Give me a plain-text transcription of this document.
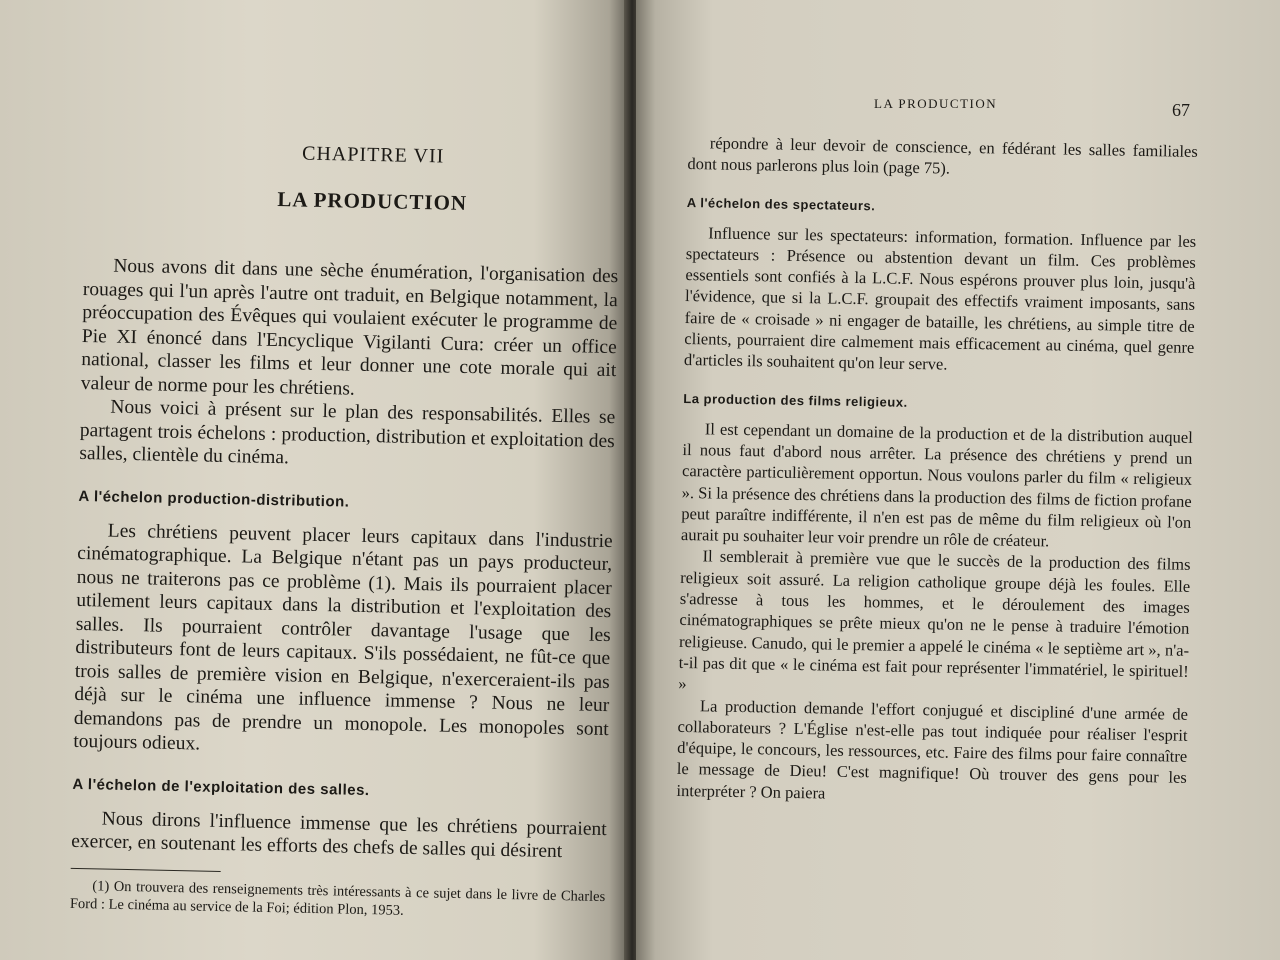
CHAPITRE VII
LA PRODUCTION

Nous avons dit dans une sèche énumération, l'organisation des rouages qui l'un après l'autre ont traduit, en Belgique notamment, la préoccupation des Évêques qui voulaient exécuter le programme de Pie XI énoncé dans l'Encyclique Vigilanti Cura: créer un office national, classer les films et leur donner une cote morale qui ait valeur de norme pour les chrétiens.

Nous voici à présent sur le plan des responsabilités. Elles se partagent trois échelons : production, distribution et exploitation des salles, clientèle du cinéma.

A l'échelon production-distribution.

Les chrétiens peuvent placer leurs capitaux dans l'industrie cinématographique. La Belgique n'étant pas un pays producteur, nous ne traiterons pas ce problème (1). Mais ils pourraient placer utilement leurs capitaux dans la distribution et l'exploitation des salles. Ils pourraient contrôler davantage l'usage que les distributeurs font de leurs capitaux. S'ils possédaient, ne fût-ce que trois salles de première vision en Belgique, n'exerceraient-ils pas déjà sur le cinéma une influence immense ? Nous ne leur demandons pas de prendre un monopole. Les monopoles sont toujours odieux.

A l'échelon de l'exploitation des salles.

Nous dirons l'influence immense que les chrétiens pourraient exercer, en soutenant les efforts des chefs de salles qui désirent

(1) On trouvera des renseignements très intéressants à ce sujet dans le livre de Charles Ford : Le cinéma au service de la Foi; édition Plon, 1953.

LA PRODUCTION	67

répondre à leur devoir de conscience, en fédérant les salles familiales dont nous parlerons plus loin (page 75).

A l'échelon des spectateurs.

Influence sur les spectateurs: information, formation. Influence par les spectateurs : Présence ou abstention devant un film. Ces problèmes essentiels sont confiés à la L.C.F. Nous espérons prouver plus loin, jusqu'à l'évidence, que si la L.C.F. groupait des effectifs vraiment imposants, sans faire de « croisade » ni engager de bataille, les chrétiens, au simple titre de clients, pourraient dire calmement mais efficacement au cinéma, quel genre d'articles ils souhaitent qu'on leur serve.

La production des films religieux.

Il est cependant un domaine de la production et de la distribution auquel il nous faut d'abord nous arrêter. La présence des chrétiens y prend un caractère particulièrement opportun. Nous voulons parler du film « religieux ». Si la présence des chrétiens dans la production des films de fiction profane peut paraître indifférente, il n'en est pas de même du film religieux où l'on aurait pu souhaiter leur voir prendre un rôle de créateur.

Il semblerait à première vue que le succès de la production des films religieux soit assuré. La religion catholique groupe déjà les foules. Elle s'adresse à tous les hommes, et le déroulement des images cinématographiques se prête mieux qu'on ne le pense à traduire l'émotion religieuse. Canudo, qui le premier a appelé le cinéma « le septième art », n'a-t-il pas dit que « le cinéma est fait pour représenter l'immatériel, le spirituel! »

La production demande l'effort conjugué et discipliné d'une armée de collaborateurs ? L'Église n'est-elle pas tout indiquée pour réaliser l'esprit d'équipe, le concours, les ressources, etc. Faire des films pour faire connaître le message de Dieu! C'est magnifique! Où trouver des gens pour les interpréter ? On paiera
